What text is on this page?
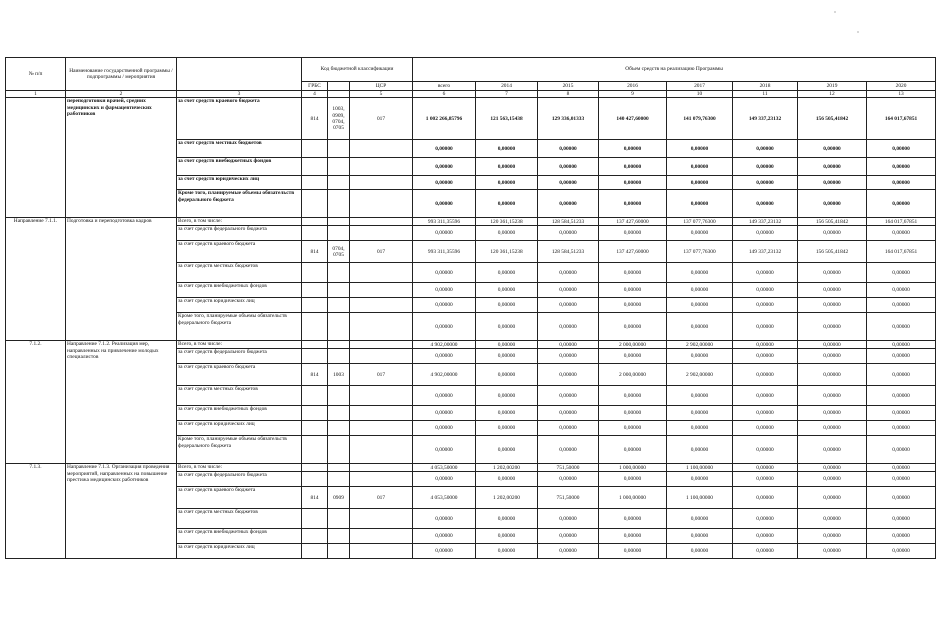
№ п/п	Наименование государственной программы / подпрограммы / мероприятия		Код бюджетной классификации			Объем средств на реализацию Программы							
			ГРБС		ЦСР	всего	2014	2015	2016	2017	2018	2019	2020
1	2	3	4		5	6	7	8	9	10	11	12	13
	переподготовки врачей, средних медицинских и фармацевтических работников	за счет средств краевого бюджета	814	1003, 0909, 0704, 0705	017	1 002 266,85796	121 563,15438	129 336,01333	140 427,60000	141 079,76300	149 337,23132	156 505,41842	164 017,67851
		за счет средств местных бюджетов				0,00000	0,00000	0,00000	0,00000	0,00000	0,00000	0,00000	0,00000
		за счет средств внебюджетных фондов				0,00000	0,00000	0,00000	0,00000	0,00000	0,00000	0,00000	0,00000
		за счет средств юридических лиц				0,00000	0,00000	0,00000	0,00000	0,00000	0,00000	0,00000	0,00000
		Кроме того, планируемые объемы обязательств федерального бюджета				0,00000	0,00000	0,00000	0,00000	0,00000	0,00000	0,00000	0,00000
Направление 7.1.1.	Подготовка и переподготовка кадров	Всего, в том числе:				993 311,35596	120 361,15238	128 584,51233	137 427,60000	137 077,76300	149 337,23132	156 505,41842	164 017,67851
		за счет средств федерального бюджета				0,00000	0,00000	0,00000	0,00000	0,00000	0,00000	0,00000	0,00000
		за счет средств краевого бюджета	814	0704, 0705	017	993 311,35596	120 361,15238	128 584,51233	137 427,60000	137 077,76300	149 337,23132	156 505,41842	164 017,67851
		за счет средств местных бюджетов				0,00000	0,00000	0,00000	0,00000	0,00000	0,00000	0,00000	0,00000
		за счет средств внебюджетных фондов				0,00000	0,00000	0,00000	0,00000	0,00000	0,00000	0,00000	0,00000
		за счет средств юридических лиц				0,00000	0,00000	0,00000	0,00000	0,00000	0,00000	0,00000	0,00000
		Кроме того, планируемые объемы обязательств федерального бюджета				0,00000	0,00000	0,00000	0,00000	0,00000	0,00000	0,00000	0,00000
7.1.2.	Направление 7.1.2. Реализация мер, направленных на привлечение молодых специалистов	Всего, в том числе:				4 902,00000	0,00000	0,00000	2 000,00000	2 902,00000	0,00000	0,00000	0,00000
		за счет средств федерального бюджета				0,00000	0,00000	0,00000	0,00000	0,00000	0,00000	0,00000	0,00000
		за счет средств краевого бюджета	814	1003	017	4 902,00000	0,00000	0,00000	2 000,00000	2 902,00000	0,00000	0,00000	0,00000
		за счет средств местных бюджетов				0,00000	0,00000	0,00000	0,00000	0,00000	0,00000	0,00000	0,00000
		за счет средств внебюджетных фондов				0,00000	0,00000	0,00000	0,00000	0,00000	0,00000	0,00000	0,00000
		за счет средств юридических лиц				0,00000	0,00000	0,00000	0,00000	0,00000	0,00000	0,00000	0,00000
		Кроме того, планируемые объемы обязательств федерального бюджета				0,00000	0,00000	0,00000	0,00000	0,00000	0,00000	0,00000	0,00000
7.1.3.	Направление 7.1.3. Организация проведения мероприятий, направленных на повышение престижа медицинских работников	Всего, в том числе:				4 053,50000	1 202,00200	751,50000	1 000,00000	1 100,00000	0,00000	0,00000	0,00000
		за счет средств федерального бюджета				0,00000	0,00000	0,00000	0,00000	0,00000	0,00000	0,00000	0,00000
		за счет средств краевого бюджета	814	0909	017	4 053,50000	1 202,00200	751,50000	1 000,00000	1 100,00000	0,00000	0,00000	0,00000
		за счет средств местных бюджетов				0,00000	0,00000	0,00000	0,00000	0,00000	0,00000	0,00000	0,00000
		за счет средств внебюджетных фондов				0,00000	0,00000	0,00000	0,00000	0,00000	0,00000	0,00000	0,00000
		за счет средств юридических лиц				0,00000	0,00000	0,00000	0,00000	0,00000	0,00000	0,00000	0,00000
